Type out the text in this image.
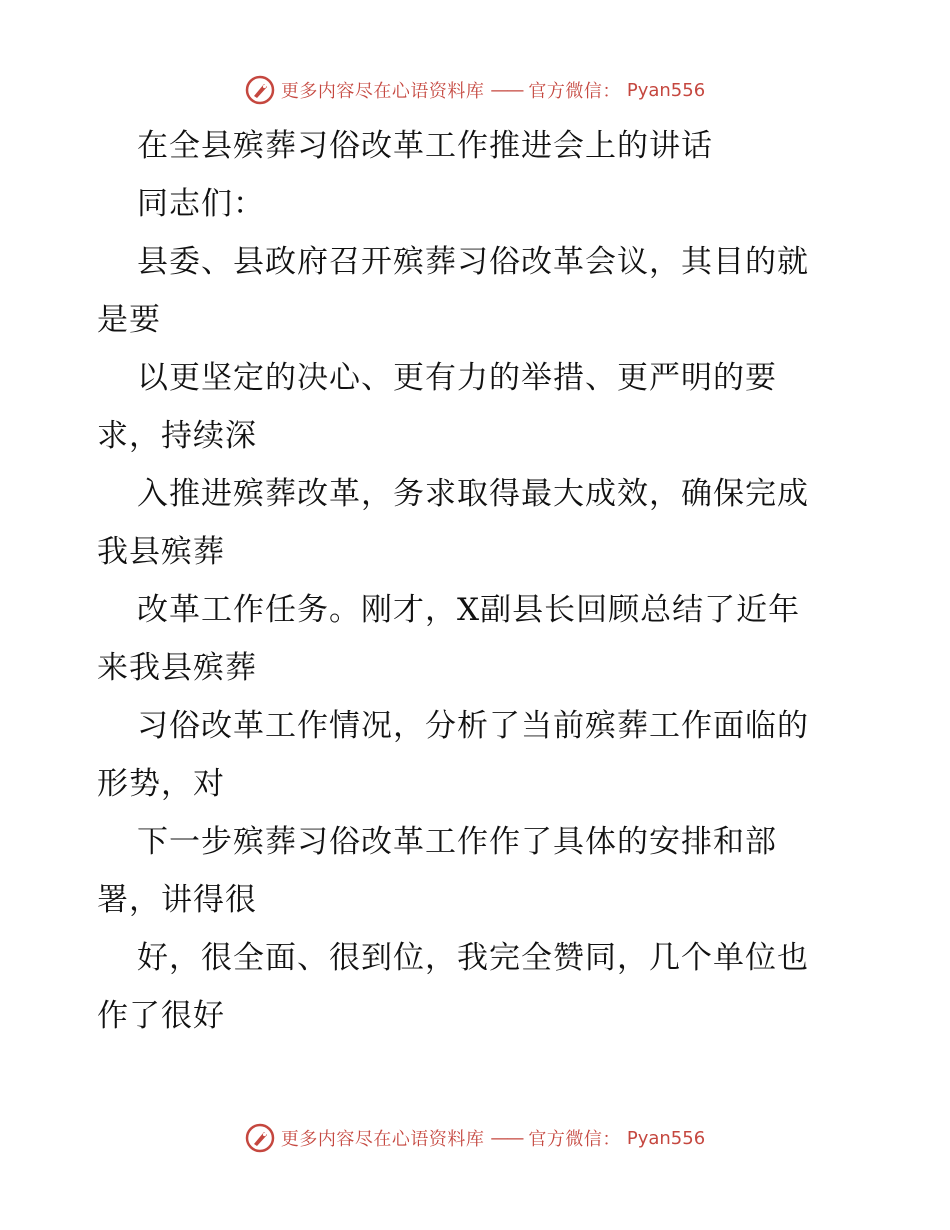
更多内容尽在心语资料库 —— 官方微信： Pyan556
在全县殡葬习俗改革工作推进会上的讲话
同志们：
县委、县政府召开殡葬习俗改革会议，其目的就
是要
以更坚定的决心、更有力的举措、更严明的要
求，持续深
入推进殡葬改革，务求取得最大成效，确保完成
我县殡葬
改革工作任务。刚才，X副县长回顾总结了近年
来我县殡葬
习俗改革工作情况，分析了当前殡葬工作面临的
形势，对
下一步殡葬习俗改革工作作了具体的安排和部
署，讲得很
好，很全面、很到位，我完全赞同，几个单位也
作了很好
更多内容尽在心语资料库 —— 官方微信： Pyan556
